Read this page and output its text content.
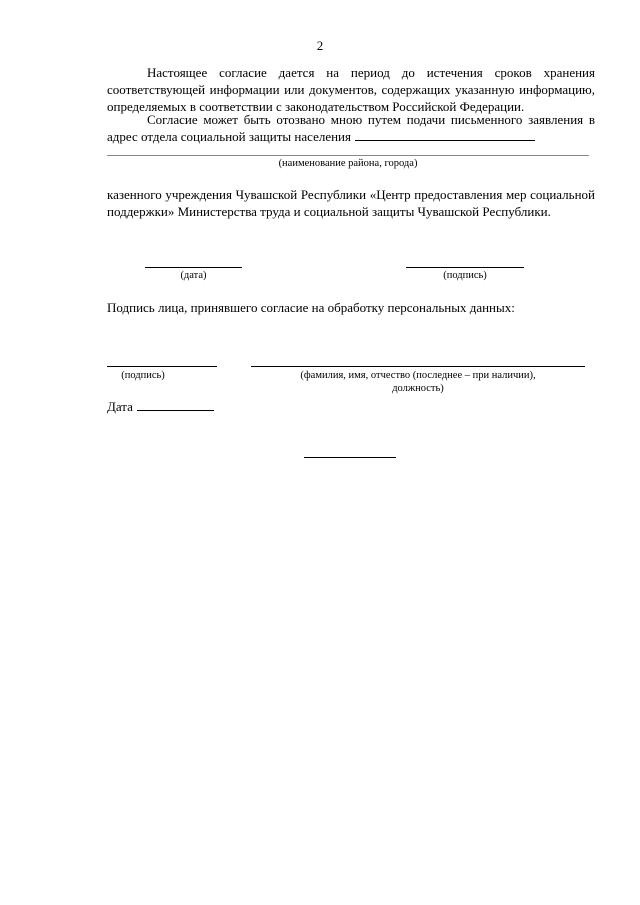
2
Настоящее согласие дается на период до истечения сроков хранения соответствующей информации или документов, содержащих указанную информацию, определяемых в соответствии с законодательством Российской Федерации.
Согласие может быть отозвано мною путем подачи письменного заявления в адрес отдела социальной защиты населения
(наименование района, города)
казенного учреждения Чувашской Республики «Центр предоставления мер социальной поддержки» Министерства труда и социальной защиты Чувашской Республики.
(дата)	(подпись)
Подпись лица, принявшего согласие на обработку персональных данных:
(подпись)	(фамилия, имя, отчество (последнее – при наличии),
должность)
Дата
